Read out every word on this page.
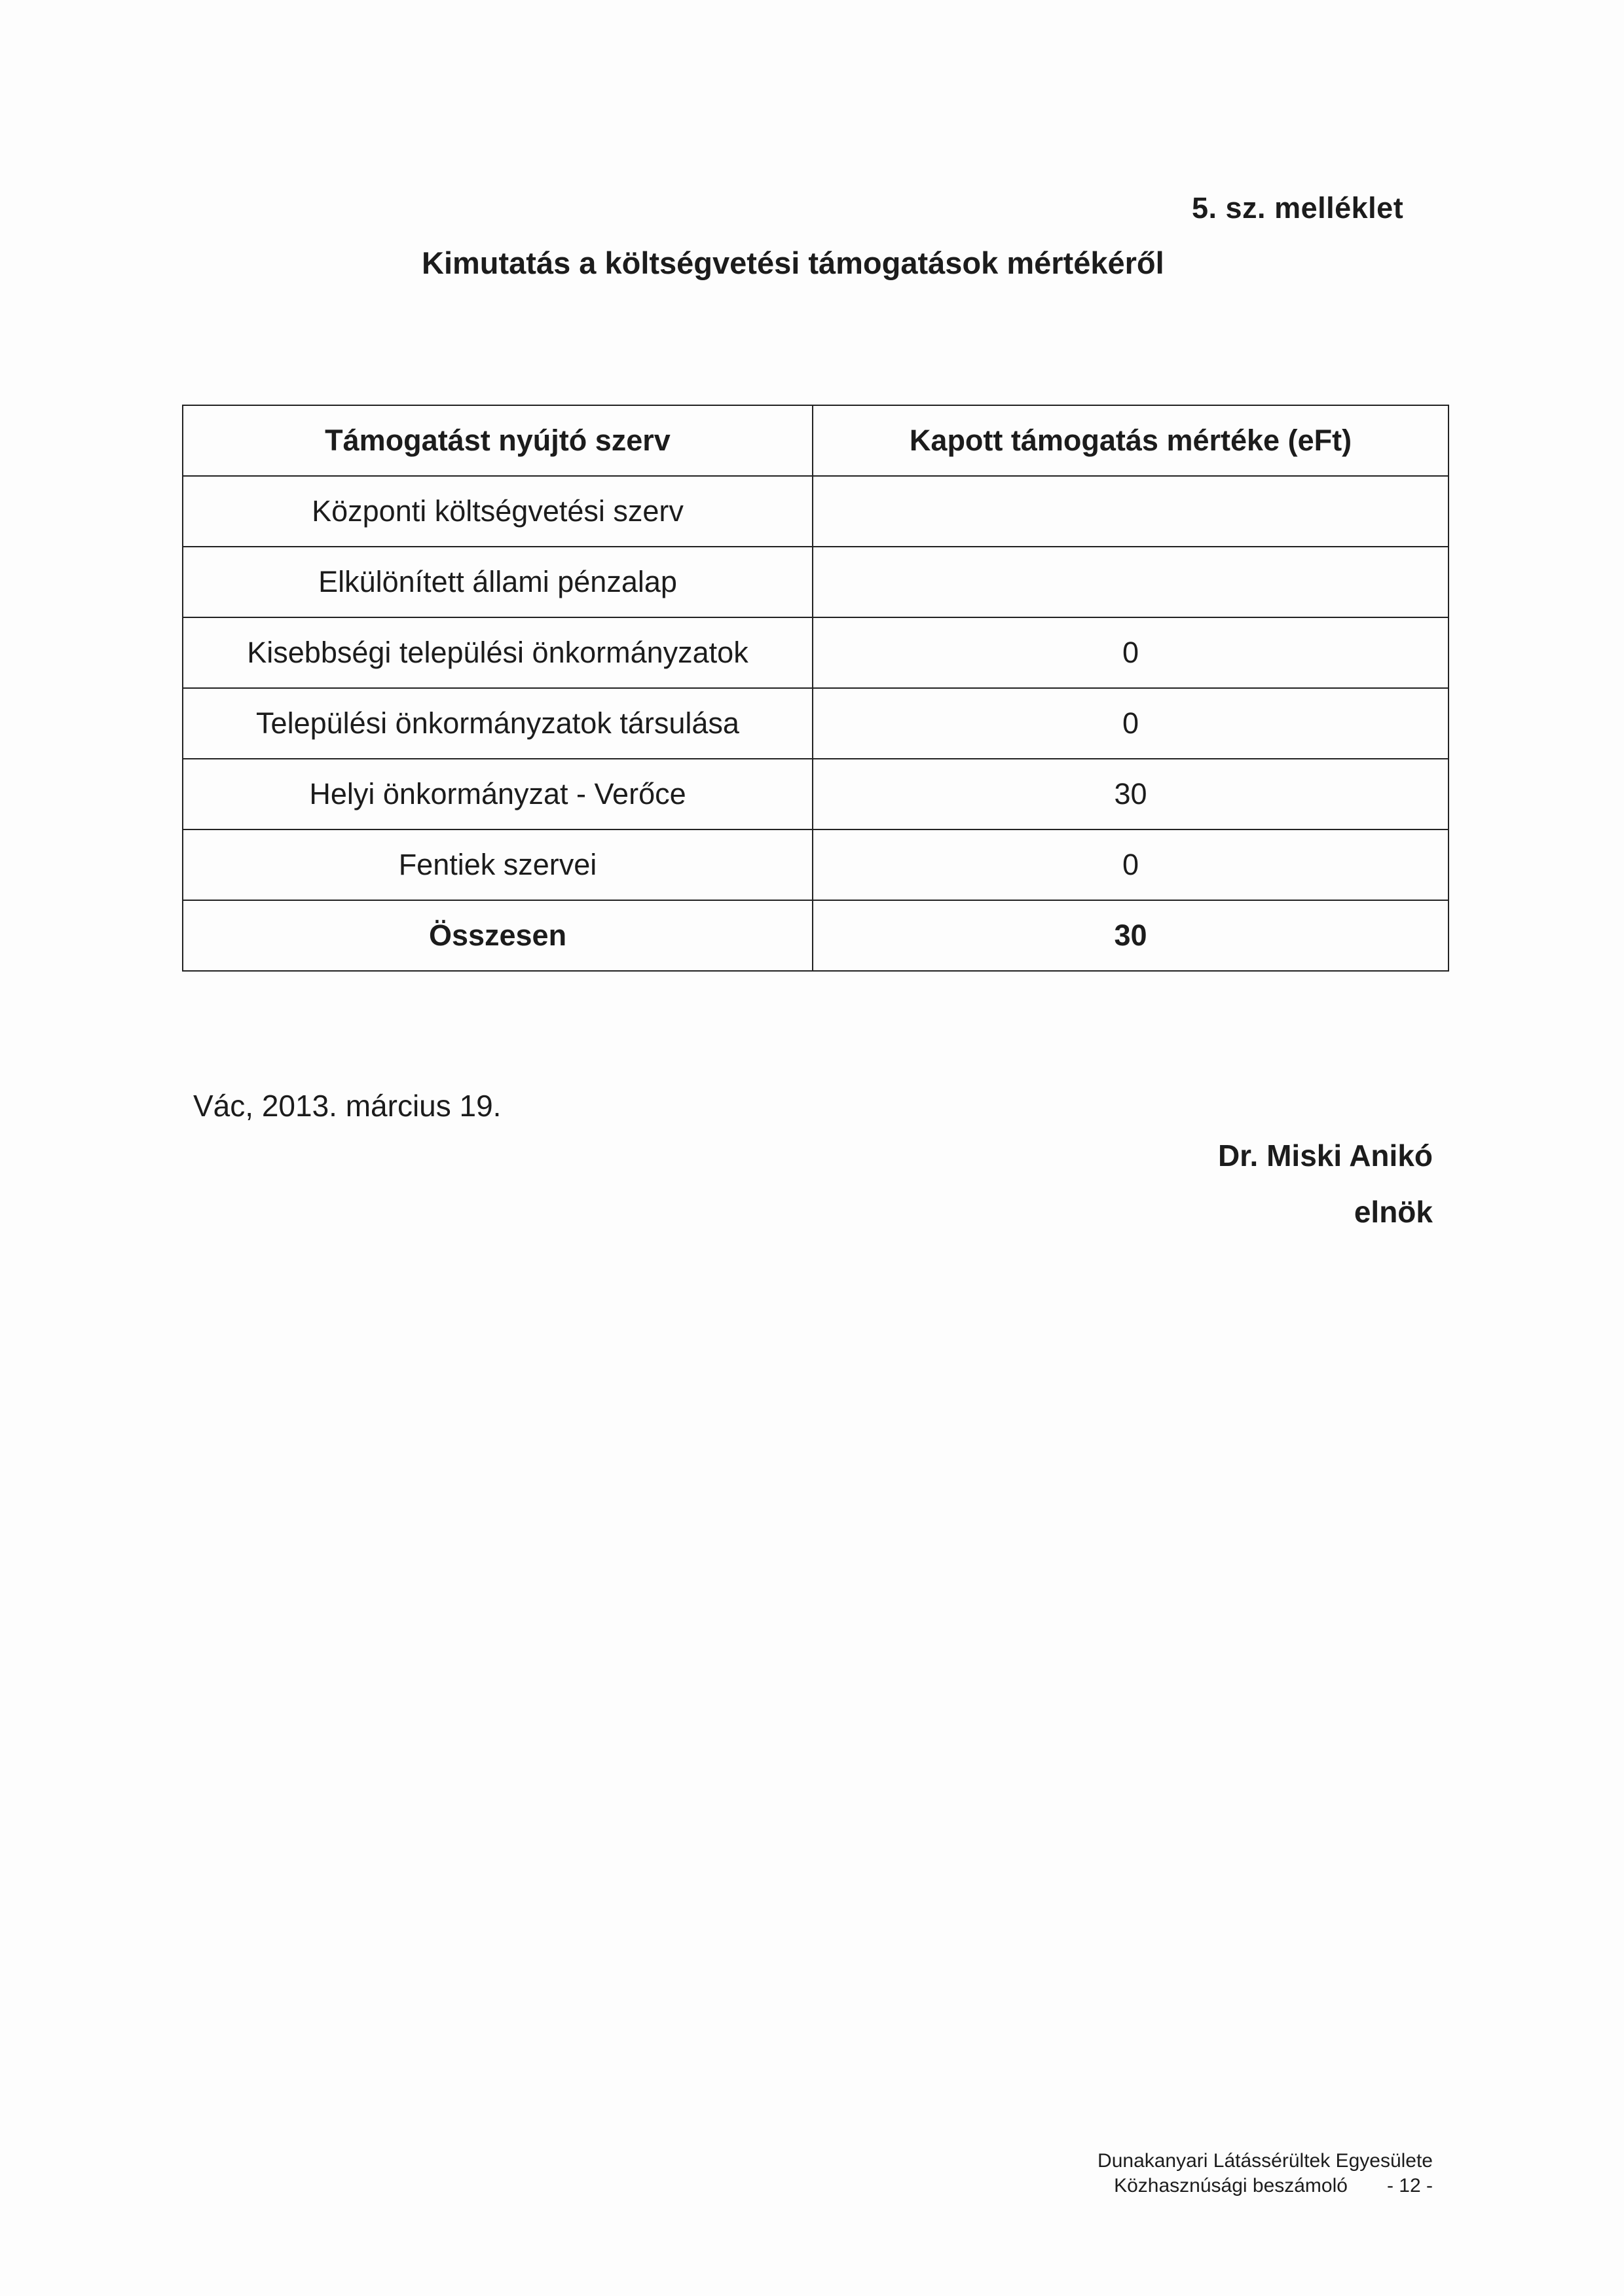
5. sz. melléklet
Kimutatás a költségvetési támogatások mértékéről
Támogatást nyújtó szerv	Kapott támogatás mértéke (eFt)
Központi költségvetési szerv	
Elkülönített állami pénzalap	
Kisebbségi települési önkormányzatok	0
Települési önkormányzatok társulása	0
Helyi önkormányzat - Verőce	30
Fentiek szervei	0
Összesen	30
Vác, 2013. március 19.
Dr. Miski Anikó
elnök
Dunakanyari Látássérültek Egyesülete
Közhasznúsági beszámoló - 12 -
